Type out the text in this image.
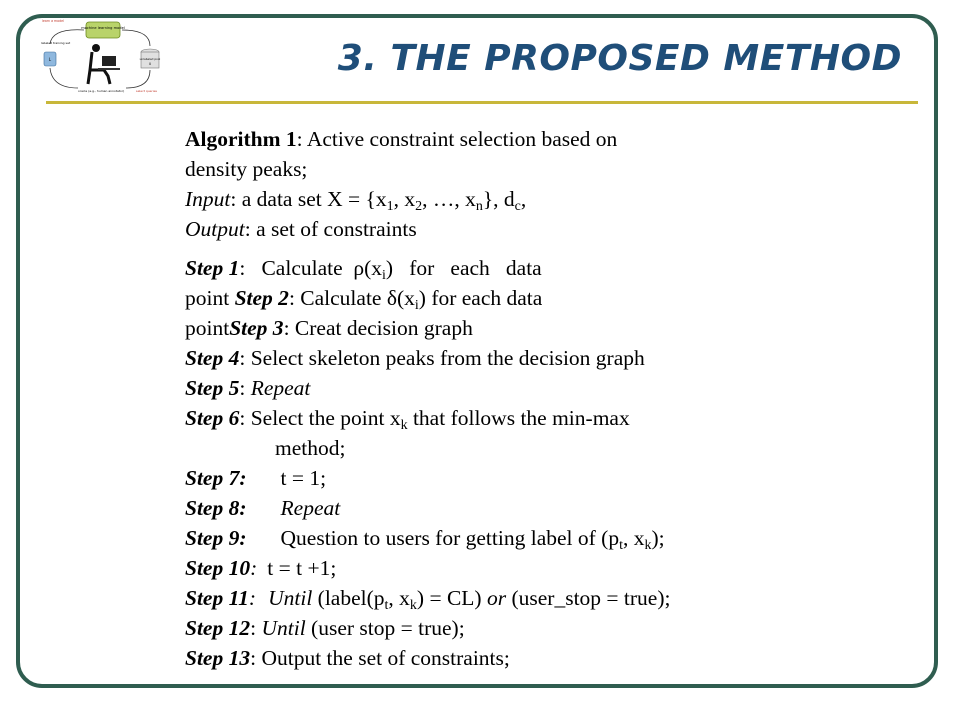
machine learning model
learn a model
labeled training set
L	unlabeled pool
U
oracle (e.g., human annotator)	select queries
3. THE PROPOSED METHOD
Algorithm 1: Active constraint selection based on
density peaks;
Input: a data set $X = \{x_1$, $x_2$, …, $x_n$}, $d_c$,
Output: a set of constraints
Step 1:   Calculate  $\rho(x_i)$   for   each   data
point Step 2: Calculate $\delta(x_i)$ for each data
pointStep 3: Creat decision graph
Step 4: Select skeleton peaks from the decision graph
Step 5: Repeat
Step 6: Select the point $x_k$ that follows the min-max
method;
Step 7: t = 1;
Step 8: Repeat
Step 9: Question to users for getting label of ($p_t$, $x_k$);
Step 10: t = t +1;
Step 11: Until ($label(p_t$, $x_k) = CL$) or (user_stop = true);
Step 12: Until (user stop = true);
Step 13: Output the set of constraints;
